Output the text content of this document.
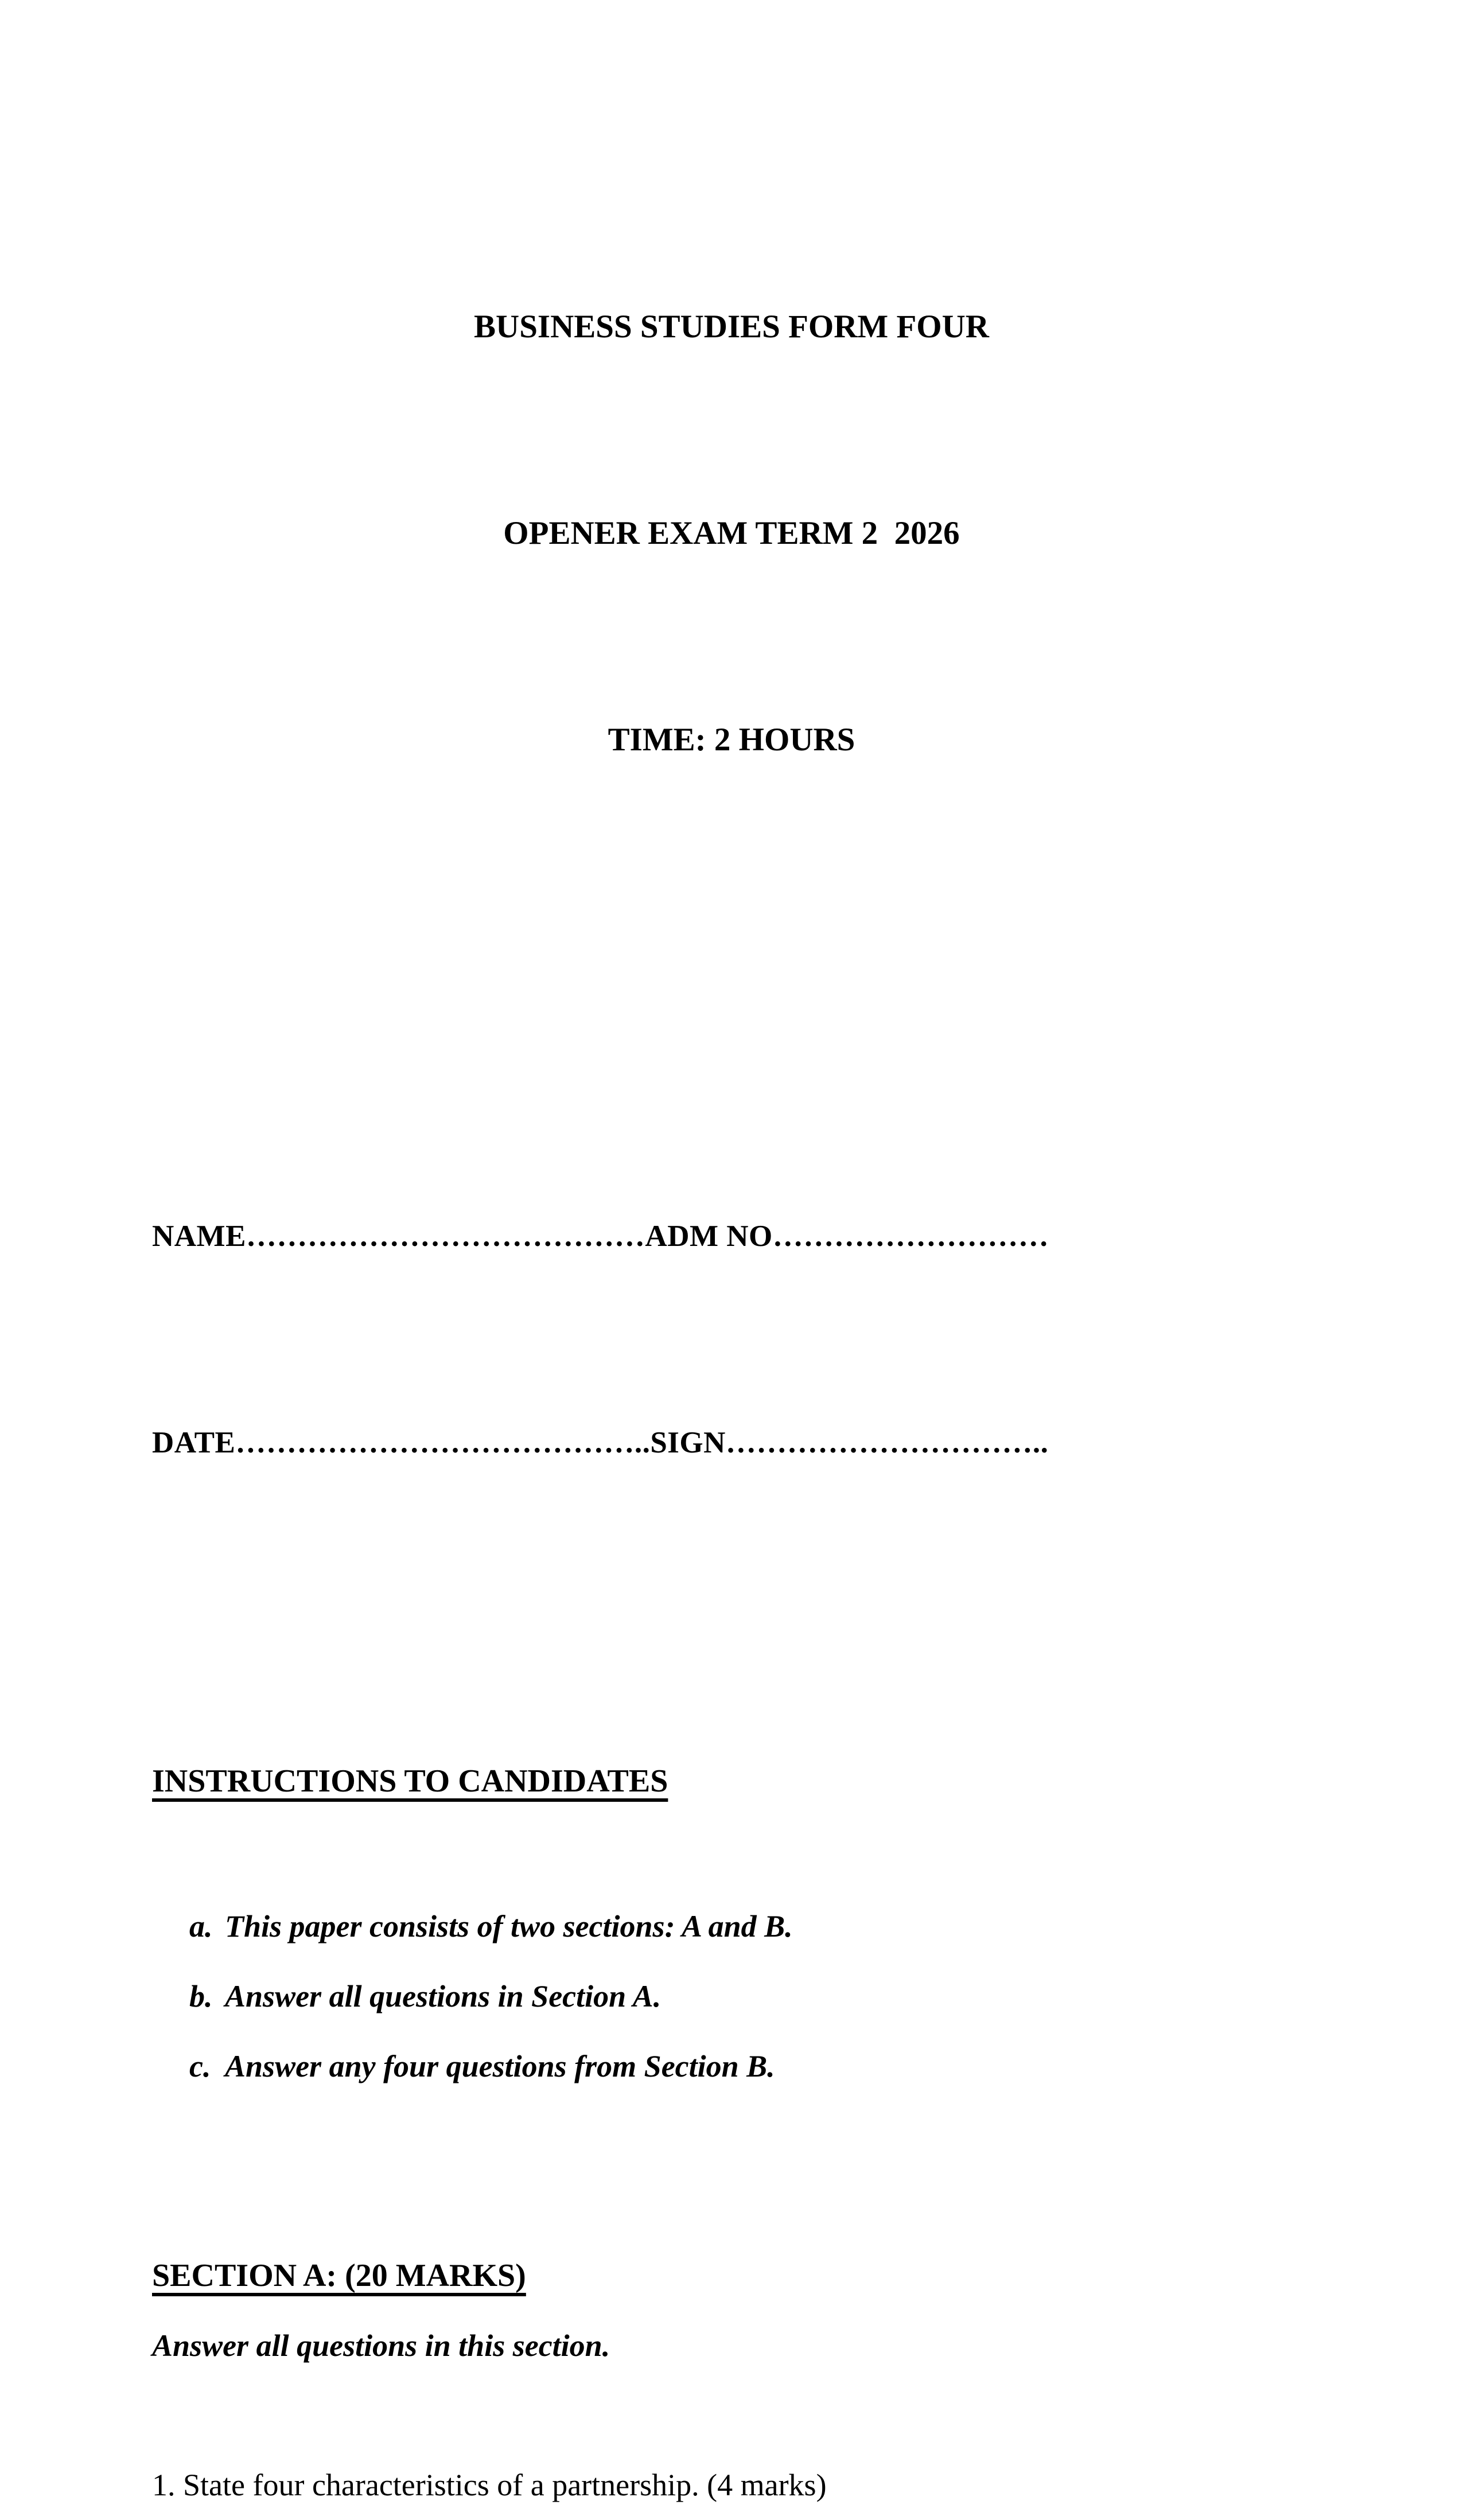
BUSINESS STUDIES FORM FOUR

OPENER EXAM TERM 2  2026

TIME: 2 HOURS

NAME…………………………………ADM NO………………………

DATE…………………………………..SIGN…………………………..

INSTRUCTIONS TO CANDIDATES
a. This paper consists of two sections: A and B.
b. Answer all questions in Section A.
c. Answer any four questions from Section B.
SECTION A: (20 MARKS)
Answer all questions in this section.
1. State four characteristics of a partnership. (4 marks)
